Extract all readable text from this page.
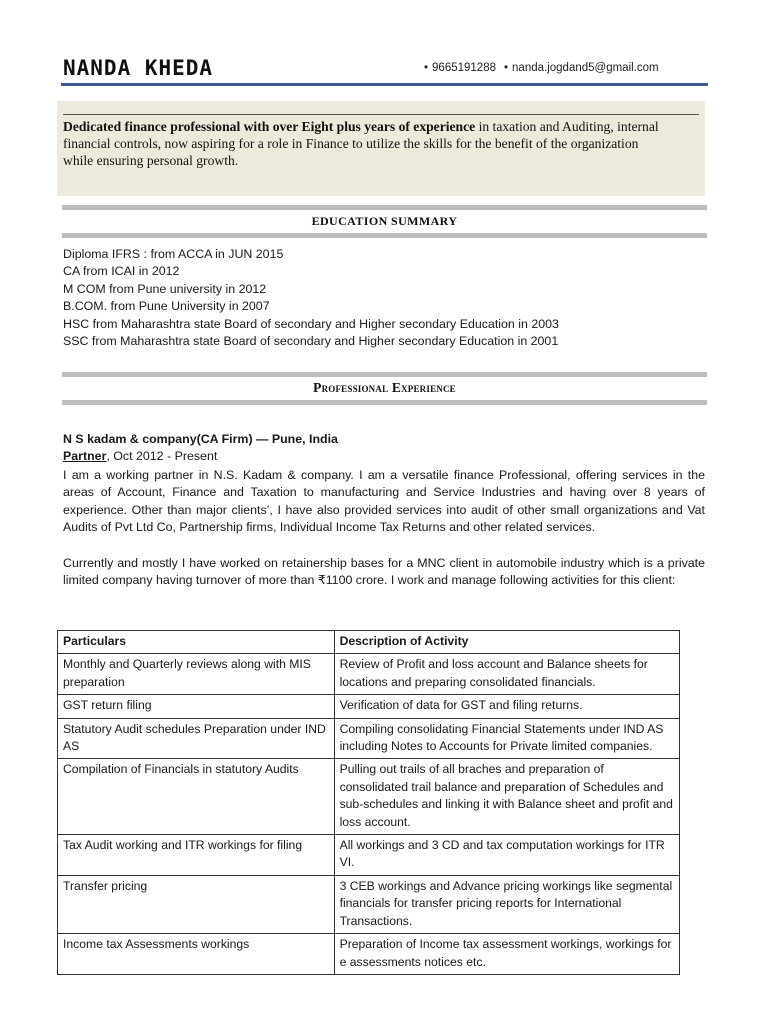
NANDA KHEDA	• 9665191288 • nanda.jogdand5@gmail.com
Dedicated finance professional with over Eight plus years of experience in taxation and Auditing, internal financial controls, now aspiring for a role in Finance to utilize the skills for the benefit of the organization while ensuring personal growth.
EDUCATION SUMMARY
Diploma IFRS : from ACCA in JUN 2015
CA from ICAI in 2012
M COM from Pune university in 2012
B.COM. from Pune University in 2007
HSC from Maharashtra state Board of secondary and Higher secondary Education in 2003
SSC from Maharashtra state Board of secondary and Higher secondary Education in 2001
Professional Experience
N S kadam & company(CA Firm) — Pune, India
Partner, Oct 2012 - Present
I am a working partner in N.S. Kadam & company. I am a versatile finance Professional, offering services in the areas of Account, Finance and Taxation to manufacturing and Service Industries and having over 8 years of experience. Other than major clients’, I have also provided services into audit of other small organizations and Vat Audits of Pvt Ltd Co, Partnership firms, Individual Income Tax Returns and other related services.
Currently and mostly I have worked on retainership bases for a MNC client in automobile industry which is a private limited company having turnover of more than ₹1100 crore. I work and manage following activities for this client:
Particulars	Description of Activity
Monthly and Quarterly reviews along with MIS preparation	Review of Profit and loss account and Balance sheets for locations and preparing consolidated financials.
GST return filing	Verification of data for GST and filing returns.
Statutory Audit schedules Preparation under IND AS	Compiling consolidating Financial Statements under IND AS including Notes to Accounts for Private limited companies.
Compilation of Financials in statutory Audits	Pulling out trails of all braches and preparation of consolidated trail balance and preparation of Schedules and sub-schedules and linking it with Balance sheet and profit and loss account.
Tax Audit working and ITR workings for filing	All workings and 3 CD and tax computation workings for ITR VI.
Transfer pricing	3 CEB workings and Advance pricing workings like segmental financials for transfer pricing reports for International Transactions.
Income tax Assessments workings	Preparation of Income tax assessment workings, workings for e assessments notices etc.
